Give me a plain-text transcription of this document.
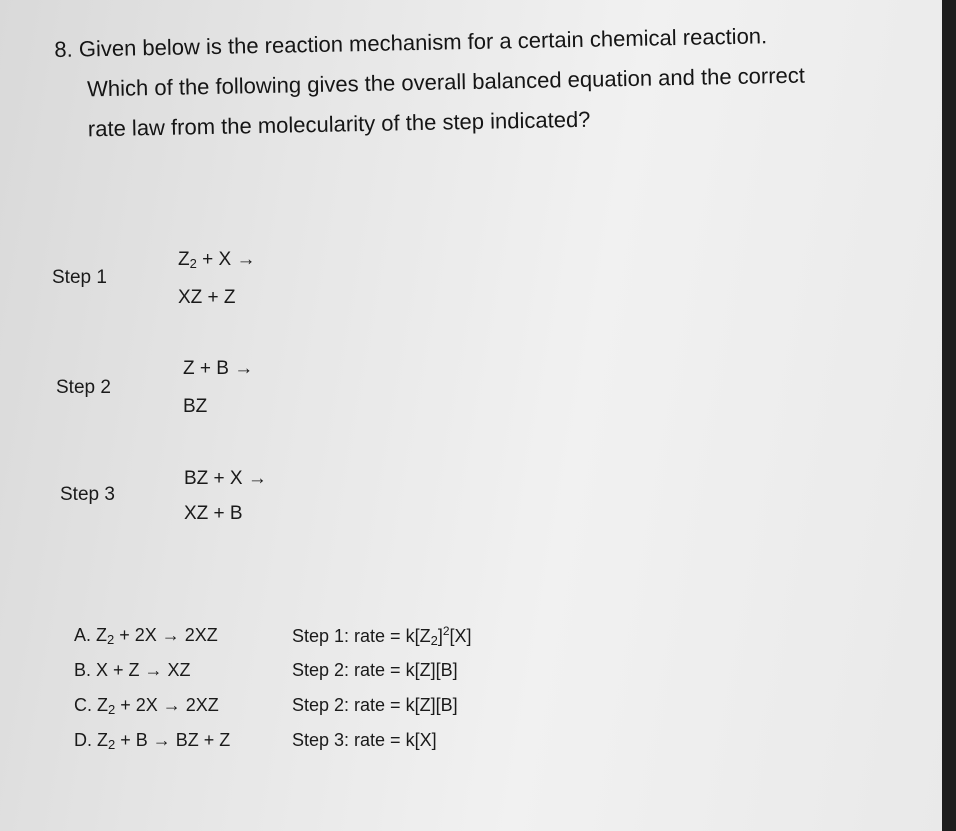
8. Given below is the reaction mechanism for a certain chemical reaction.
Which of the following gives the overall balanced equation and the correct
rate law from the molecularity of the step indicated?
Step 1
$Z_2 + X$ →
XZ + Z
Step 2
Z + B →
BZ
Step 3
BZ + X →
XZ + B
A. $Z_2 + 2X \to 2XZ$	Step 1: rate = $k[Z_2]^2[X]$
B. X + Z → XZ	Step 2: rate = k[Z][B]
C. $Z_2 + 2X \to 2XZ$	Step 2: rate = k[Z][B]
D. $Z_2 + B$ → BZ + Z	Step 3: rate = k[X]
